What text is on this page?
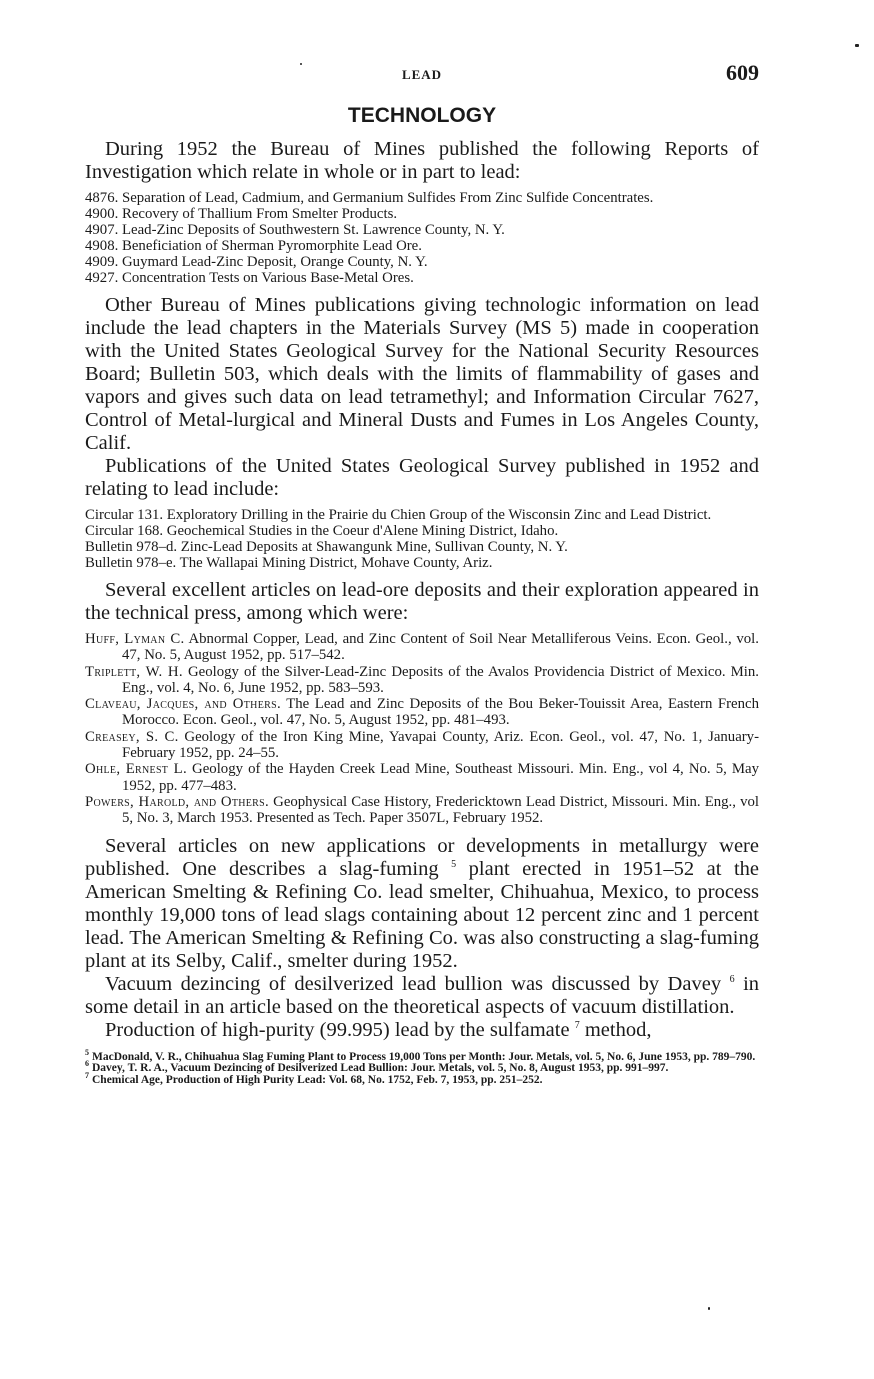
LEAD	609
TECHNOLOGY

During 1952 the Bureau of Mines published the following Reports of Investigation which relate in whole or in part to lead:

4876. Separation of Lead, Cadmium, and Germanium Sulfides From Zinc Sulfide Concentrates.
4900. Recovery of Thallium From Smelter Products.
4907. Lead-Zinc Deposits of Southwestern St. Lawrence County, N. Y.
4908. Beneficiation of Sherman Pyromorphite Lead Ore.
4909. Guymard Lead-Zinc Deposit, Orange County, N. Y.
4927. Concentration Tests on Various Base-Metal Ores.

Other Bureau of Mines publications giving technologic information on lead include the lead chapters in the Materials Survey (MS 5) made in cooperation with the United States Geological Survey for the National Security Resources Board; Bulletin 503, which deals with the limits of flammability of gases and vapors and gives such data on lead tetramethyl; and Information Circular 7627, Control of Metal-lurgical and Mineral Dusts and Fumes in Los Angeles County, Calif.

Publications of the United States Geological Survey published in 1952 and relating to lead include:

Circular 131. Exploratory Drilling in the Prairie du Chien Group of the Wisconsin Zinc and Lead District.
Circular 168. Geochemical Studies in the Coeur d'Alene Mining District, Idaho.
Bulletin 978–d. Zinc-Lead Deposits at Shawangunk Mine, Sullivan County, N. Y.
Bulletin 978–e. The Wallapai Mining District, Mohave County, Ariz.

Several excellent articles on lead-ore deposits and their exploration appeared in the technical press, among which were:

Huff, Lyman C. Abnormal Copper, Lead, and Zinc Content of Soil Near Metalliferous Veins. Econ. Geol., vol. 47, No. 5, August 1952, pp. 517–542.
Triplett, W. H. Geology of the Silver-Lead-Zinc Deposits of the Avalos Providencia District of Mexico. Min. Eng., vol. 4, No. 6, June 1952, pp. 583–593.
Claveau, Jacques, and Others. The Lead and Zinc Deposits of the Bou Beker-Touissit Area, Eastern French Morocco. Econ. Geol., vol. 47, No. 5, August 1952, pp. 481–493.
Creasey, S. C. Geology of the Iron King Mine, Yavapai County, Ariz. Econ. Geol., vol. 47, No. 1, January-February 1952, pp. 24–55.
Ohle, Ernest L. Geology of the Hayden Creek Lead Mine, Southeast Missouri. Min. Eng., vol 4, No. 5, May 1952, pp. 477–483.
Powers, Harold, and Others. Geophysical Case History, Fredericktown Lead District, Missouri. Min. Eng., vol 5, No. 3, March 1953. Presented as Tech. Paper 3507L, February 1952.

Several articles on new applications or developments in metallurgy were published. One describes a slag-fuming $^5$ plant erected in 1951–52 at the American Smelting & Refining Co. lead smelter, Chihuahua, Mexico, to process monthly 19,000 tons of lead slags containing about 12 percent zinc and 1 percent lead. The American Smelting & Refining Co. was also constructing a slag-fuming plant at its Selby, Calif., smelter during 1952.

Vacuum dezincing of desilverized lead bullion was discussed by Davey $^6$ in some detail in an article based on the theoretical aspects of vacuum distillation.

Production of high-purity (99.995) lead by the sulfamate $^7$ method,

$^5$ MacDonald, V. R., Chihuahua Slag Fuming Plant to Process 19,000 Tons per Month: Jour. Metals, vol. 5, No. 6, June 1953, pp. 789–790.
$^6$ Davey, T. R. A., Vacuum Dezincing of Desilverized Lead Bullion: Jour. Metals, vol. 5, No. 8, August 1953, pp. 991–997.
$^7$ Chemical Age, Production of High Purity Lead: Vol. 68, No. 1752, Feb. 7, 1953, pp. 251–252.
